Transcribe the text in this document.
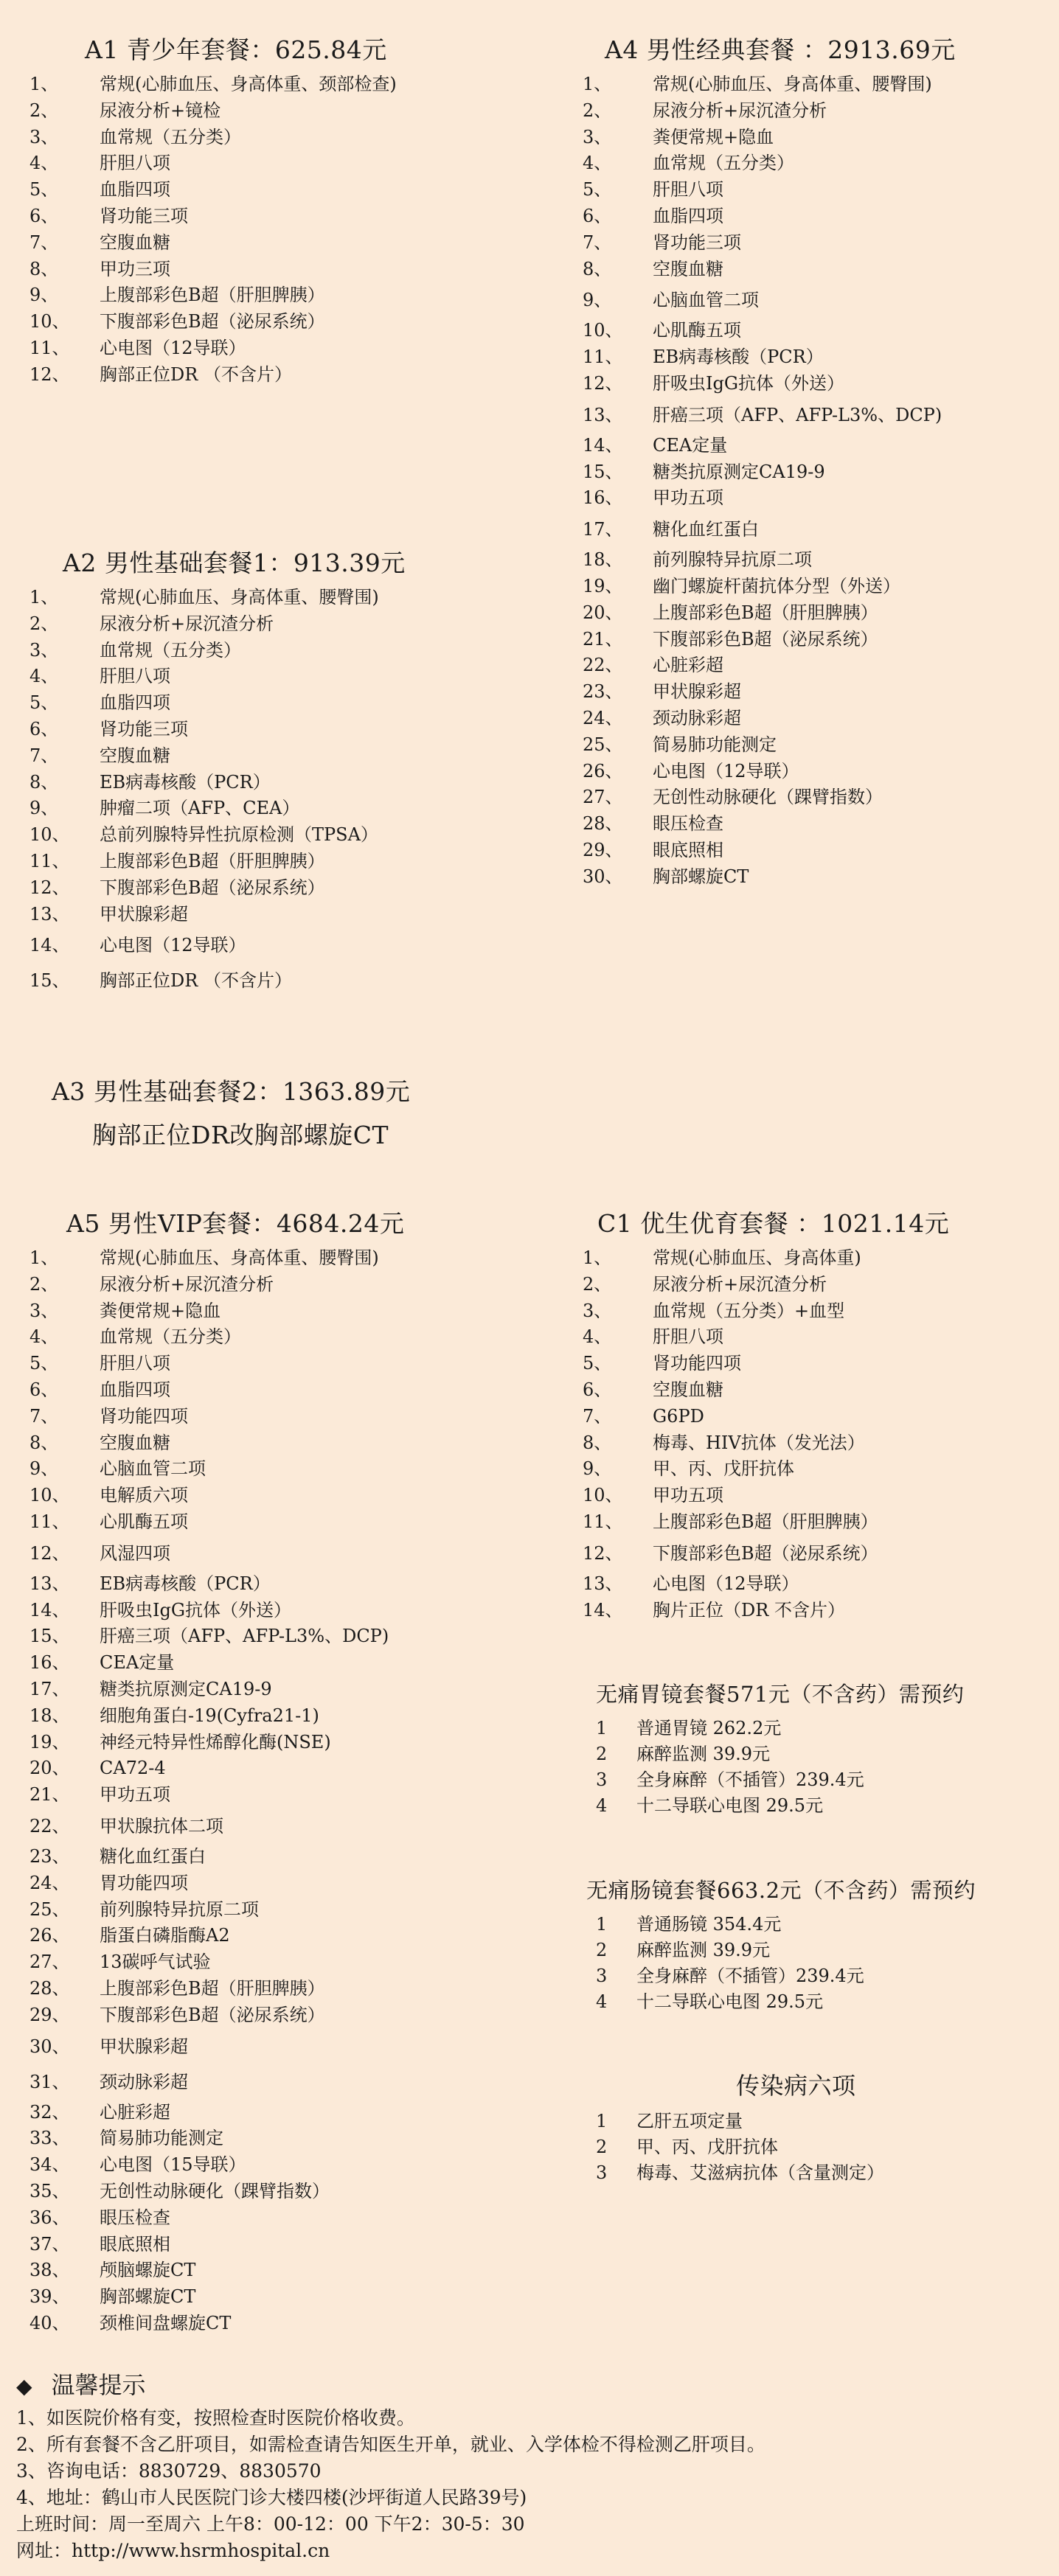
A1 青少年套餐：625.84元
1、 常规(心肺血压、身高体重、颈部检查)
2、 尿液分析+镜检
3、 血常规（五分类）
4、 肝胆八项
5、 血脂四项
6、 肾功能三项
7、 空腹血糖
8、 甲功三项
9、 上腹部彩色B超（肝胆脾胰）
10、 下腹部彩色B超（泌尿系统）
11、 心电图（12导联）
12、 胸部正位DR （不含片）
A2 男性基础套餐1：913.39元
1、 常规(心肺血压、身高体重、腰臀围)
2、 尿液分析+尿沉渣分析
3、 血常规（五分类）
4、 肝胆八项
5、 血脂四项
6、 肾功能三项
7、 空腹血糖
8、 EB病毒核酸（PCR）
9、 肿瘤二项（AFP、CEA）
10、 总前列腺特异性抗原检测（TPSA）
11、 上腹部彩色B超（肝胆脾胰）
12、 下腹部彩色B超（泌尿系统）
13、 甲状腺彩超
14、 心电图（12导联）
15、 胸部正位DR （不含片）
A3 男性基础套餐2：1363.89元
胸部正位DR改胸部螺旋CT
A4 男性经典套餐 ：2913.69元
1、 常规(心肺血压、身高体重、腰臀围)
2、 尿液分析+尿沉渣分析
3、 粪便常规+隐血
4、 血常规（五分类）
5、 肝胆八项
6、 血脂四项
7、 肾功能三项
8、 空腹血糖
9、 心脑血管二项
10、 心肌酶五项
11、 EB病毒核酸（PCR）
12、 肝吸虫IgG抗体（外送）
13、 肝癌三项（AFP、AFP-L3%、DCP)
14、 CEA定量
15、 糖类抗原测定CA19-9
16、 甲功五项
17、 糖化血红蛋白
18、 前列腺特异抗原二项
19、 幽门螺旋杆菌抗体分型（外送）
20、 上腹部彩色B超（肝胆脾胰）
21、 下腹部彩色B超（泌尿系统）
22、 心脏彩超
23、 甲状腺彩超
24、 颈动脉彩超
25、 简易肺功能测定
26、 心电图（12导联）
27、 无创性动脉硬化（踝臂指数）
28、 眼压检查
29、 眼底照相
30、 胸部螺旋CT
A5 男性VIP套餐：4684.24元
1、 常规(心肺血压、身高体重、腰臀围)
2、 尿液分析+尿沉渣分析
3、 粪便常规+隐血
4、 血常规（五分类）
5、 肝胆八项
6、 血脂四项
7、 肾功能四项
8、 空腹血糖
9、 心脑血管二项
10、 电解质六项
11、 心肌酶五项
12、 风湿四项
13、 EB病毒核酸（PCR）
14、 肝吸虫IgG抗体（外送）
15、 肝癌三项（AFP、AFP-L3%、DCP)
16、 CEA定量
17、 糖类抗原测定CA19-9
18、 细胞角蛋白-19(Cyfra21-1)
19、 神经元特异性烯醇化酶(NSE)
20、 CA72-4
21、 甲功五项
22、 甲状腺抗体二项
23、 糖化血红蛋白
24、 胃功能四项
25、 前列腺特异抗原二项
26、 脂蛋白磷脂酶A2
27、 13碳呼气试验
28、 上腹部彩色B超（肝胆脾胰）
29、 下腹部彩色B超（泌尿系统）
30、 甲状腺彩超
31、 颈动脉彩超
32、 心脏彩超
33、 简易肺功能测定
34、 心电图（15导联）
35、 无创性动脉硬化（踝臂指数）
36、 眼压检查
37、 眼底照相
38、 颅脑螺旋CT
39、 胸部螺旋CT
40、 颈椎间盘螺旋CT
C1 优生优育套餐 ：1021.14元
1、 常规(心肺血压、身高体重)
2、 尿液分析+尿沉渣分析
3、 血常规（五分类）+血型
4、 肝胆八项
5、 肾功能四项
6、 空腹血糖
7、 G6PD
8、 梅毒、HIV抗体（发光法）
9、 甲、丙、戊肝抗体
10、 甲功五项
11、 上腹部彩色B超（肝胆脾胰）
12、 下腹部彩色B超（泌尿系统）
13、 心电图（12导联）
14、 胸片正位（DR 不含片）
无痛胃镜套餐571元（不含药）需预约
1 普通胃镜 262.2元
2 麻醉监测 39.9元
3 全身麻醉（不插管）239.4元
4 十二导联心电图 29.5元
无痛肠镜套餐663.2元（不含药）需预约
1 普通肠镜 354.4元
2 麻醉监测 39.9元
3 全身麻醉（不插管）239.4元
4 十二导联心电图 29.5元
传染病六项
1 乙肝五项定量
2 甲、丙、戊肝抗体
3 梅毒、艾滋病抗体（含量测定）
◆ 温馨提示

1、如医院价格有变，按照检查时医院价格收费。

2、所有套餐不含乙肝项目，如需检查请告知医生开单，就业、入学体检不得检测乙肝项目。

3、咨询电话：8830729、8830570

4、地址：鹤山市人民医院门诊大楼四楼(沙坪街道人民路39号)

上班时间：周一至周六 上午8：00-12：00 下午2：30-5：30

网址：http://www.hsrmhospital.cn
